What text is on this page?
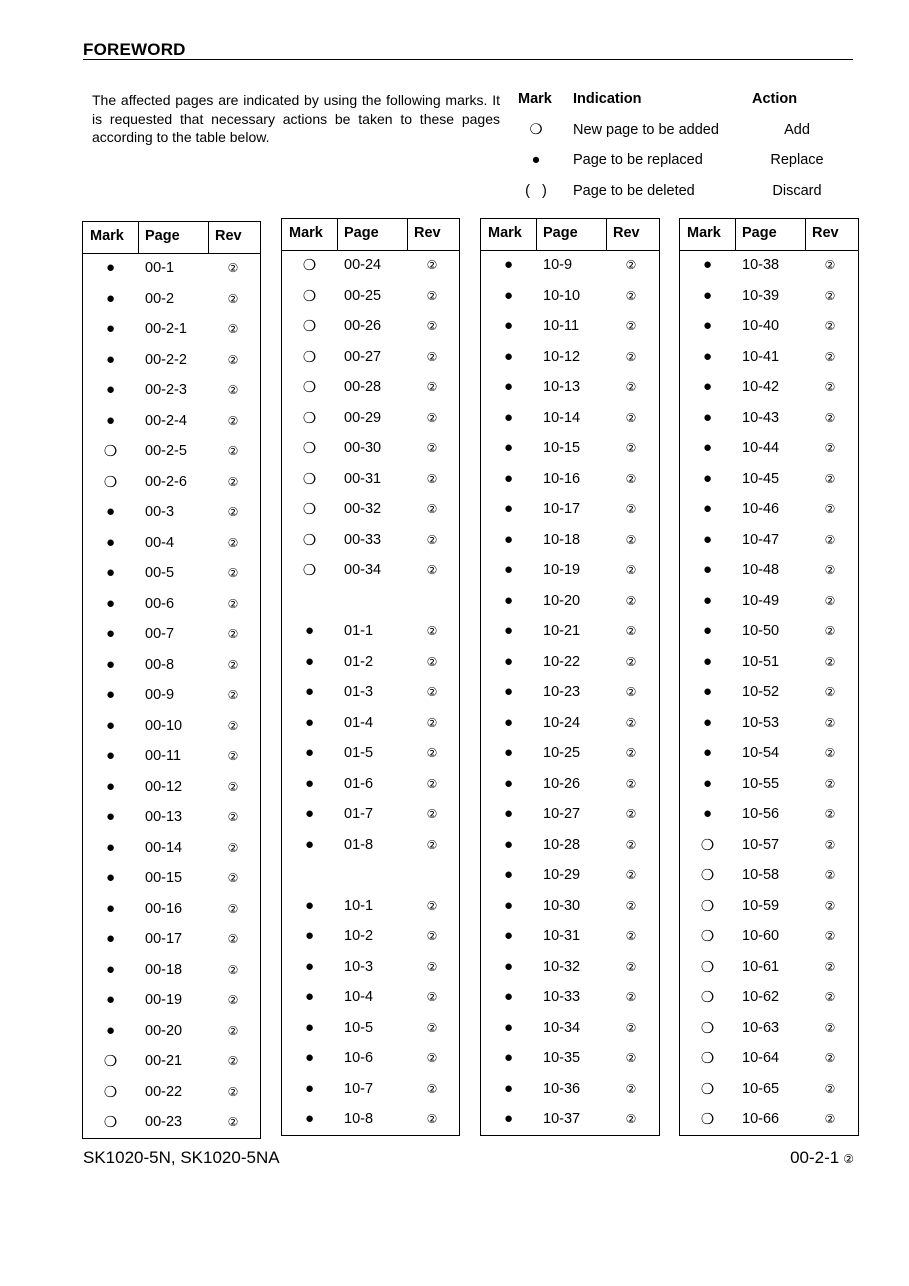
FOREWORD
The affected pages are indicated by using the following marks. It is requested that necessary actions be taken to these pages according to the table below.
Mark Indication	Action
❍	New page to be added	Add
●	Page to be replaced	Replace
(   )	Page to be deleted	Discard
Mark Page Rev
●	00-1	②
●	00-2	②
●	00-2-1	②
●	00-2-2	②
●	00-2-3	②
●	00-2-4	②
❍	00-2-5	②
❍	00-2-6	②
●	00-3	②
●	00-4	②
●	00-5	②
●	00-6	②
●	00-7	②
●	00-8	②
●	00-9	②
●	00-10	②
●	00-11	②
●	00-12	②
●	00-13	②
●	00-14	②
●	00-15	②
●	00-16	②
●	00-17	②
●	00-18	②
●	00-19	②
●	00-20	②
❍	00-21	②
❍	00-22	②
❍	00-23	②
Mark Page Rev
❍	00-24	②
❍	00-25	②
❍	00-26	②
❍	00-27	②
❍	00-28	②
❍	00-29	②
❍	00-30	②
❍	00-31	②
❍	00-32	②
❍	00-33	②
❍	00-34	②
●	01-1	②
●	01-2	②
●	01-3	②
●	01-4	②
●	01-5	②
●	01-6	②
●	01-7	②
●	01-8	②
●	10-1	②
●	10-2	②
●	10-3	②
●	10-4	②
●	10-5	②
●	10-6	②
●	10-7	②
●	10-8	②
Mark Page Rev
●	10-9	②
●	10-10	②
●	10-11	②
●	10-12	②
●	10-13	②
●	10-14	②
●	10-15	②
●	10-16	②
●	10-17	②
●	10-18	②
●	10-19	②
●	10-20	②
●	10-21	②
●	10-22	②
●	10-23	②
●	10-24	②
●	10-25	②
●	10-26	②
●	10-27	②
●	10-28	②
●	10-29	②
●	10-30	②
●	10-31	②
●	10-32	②
●	10-33	②
●	10-34	②
●	10-35	②
●	10-36	②
●	10-37	②
Mark Page Rev
●	10-38	②
●	10-39	②
●	10-40	②
●	10-41	②
●	10-42	②
●	10-43	②
●	10-44	②
●	10-45	②
●	10-46	②
●	10-47	②
●	10-48	②
●	10-49	②
●	10-50	②
●	10-51	②
●	10-52	②
●	10-53	②
●	10-54	②
●	10-55	②
●	10-56	②
❍	10-57	②
❍	10-58	②
❍	10-59	②
❍	10-60	②
❍	10-61	②
❍	10-62	②
❍	10-63	②
❍	10-64	②
❍	10-65	②
❍	10-66	②
SK1020-5N, SK1020-5NA	00-2-1 ②
